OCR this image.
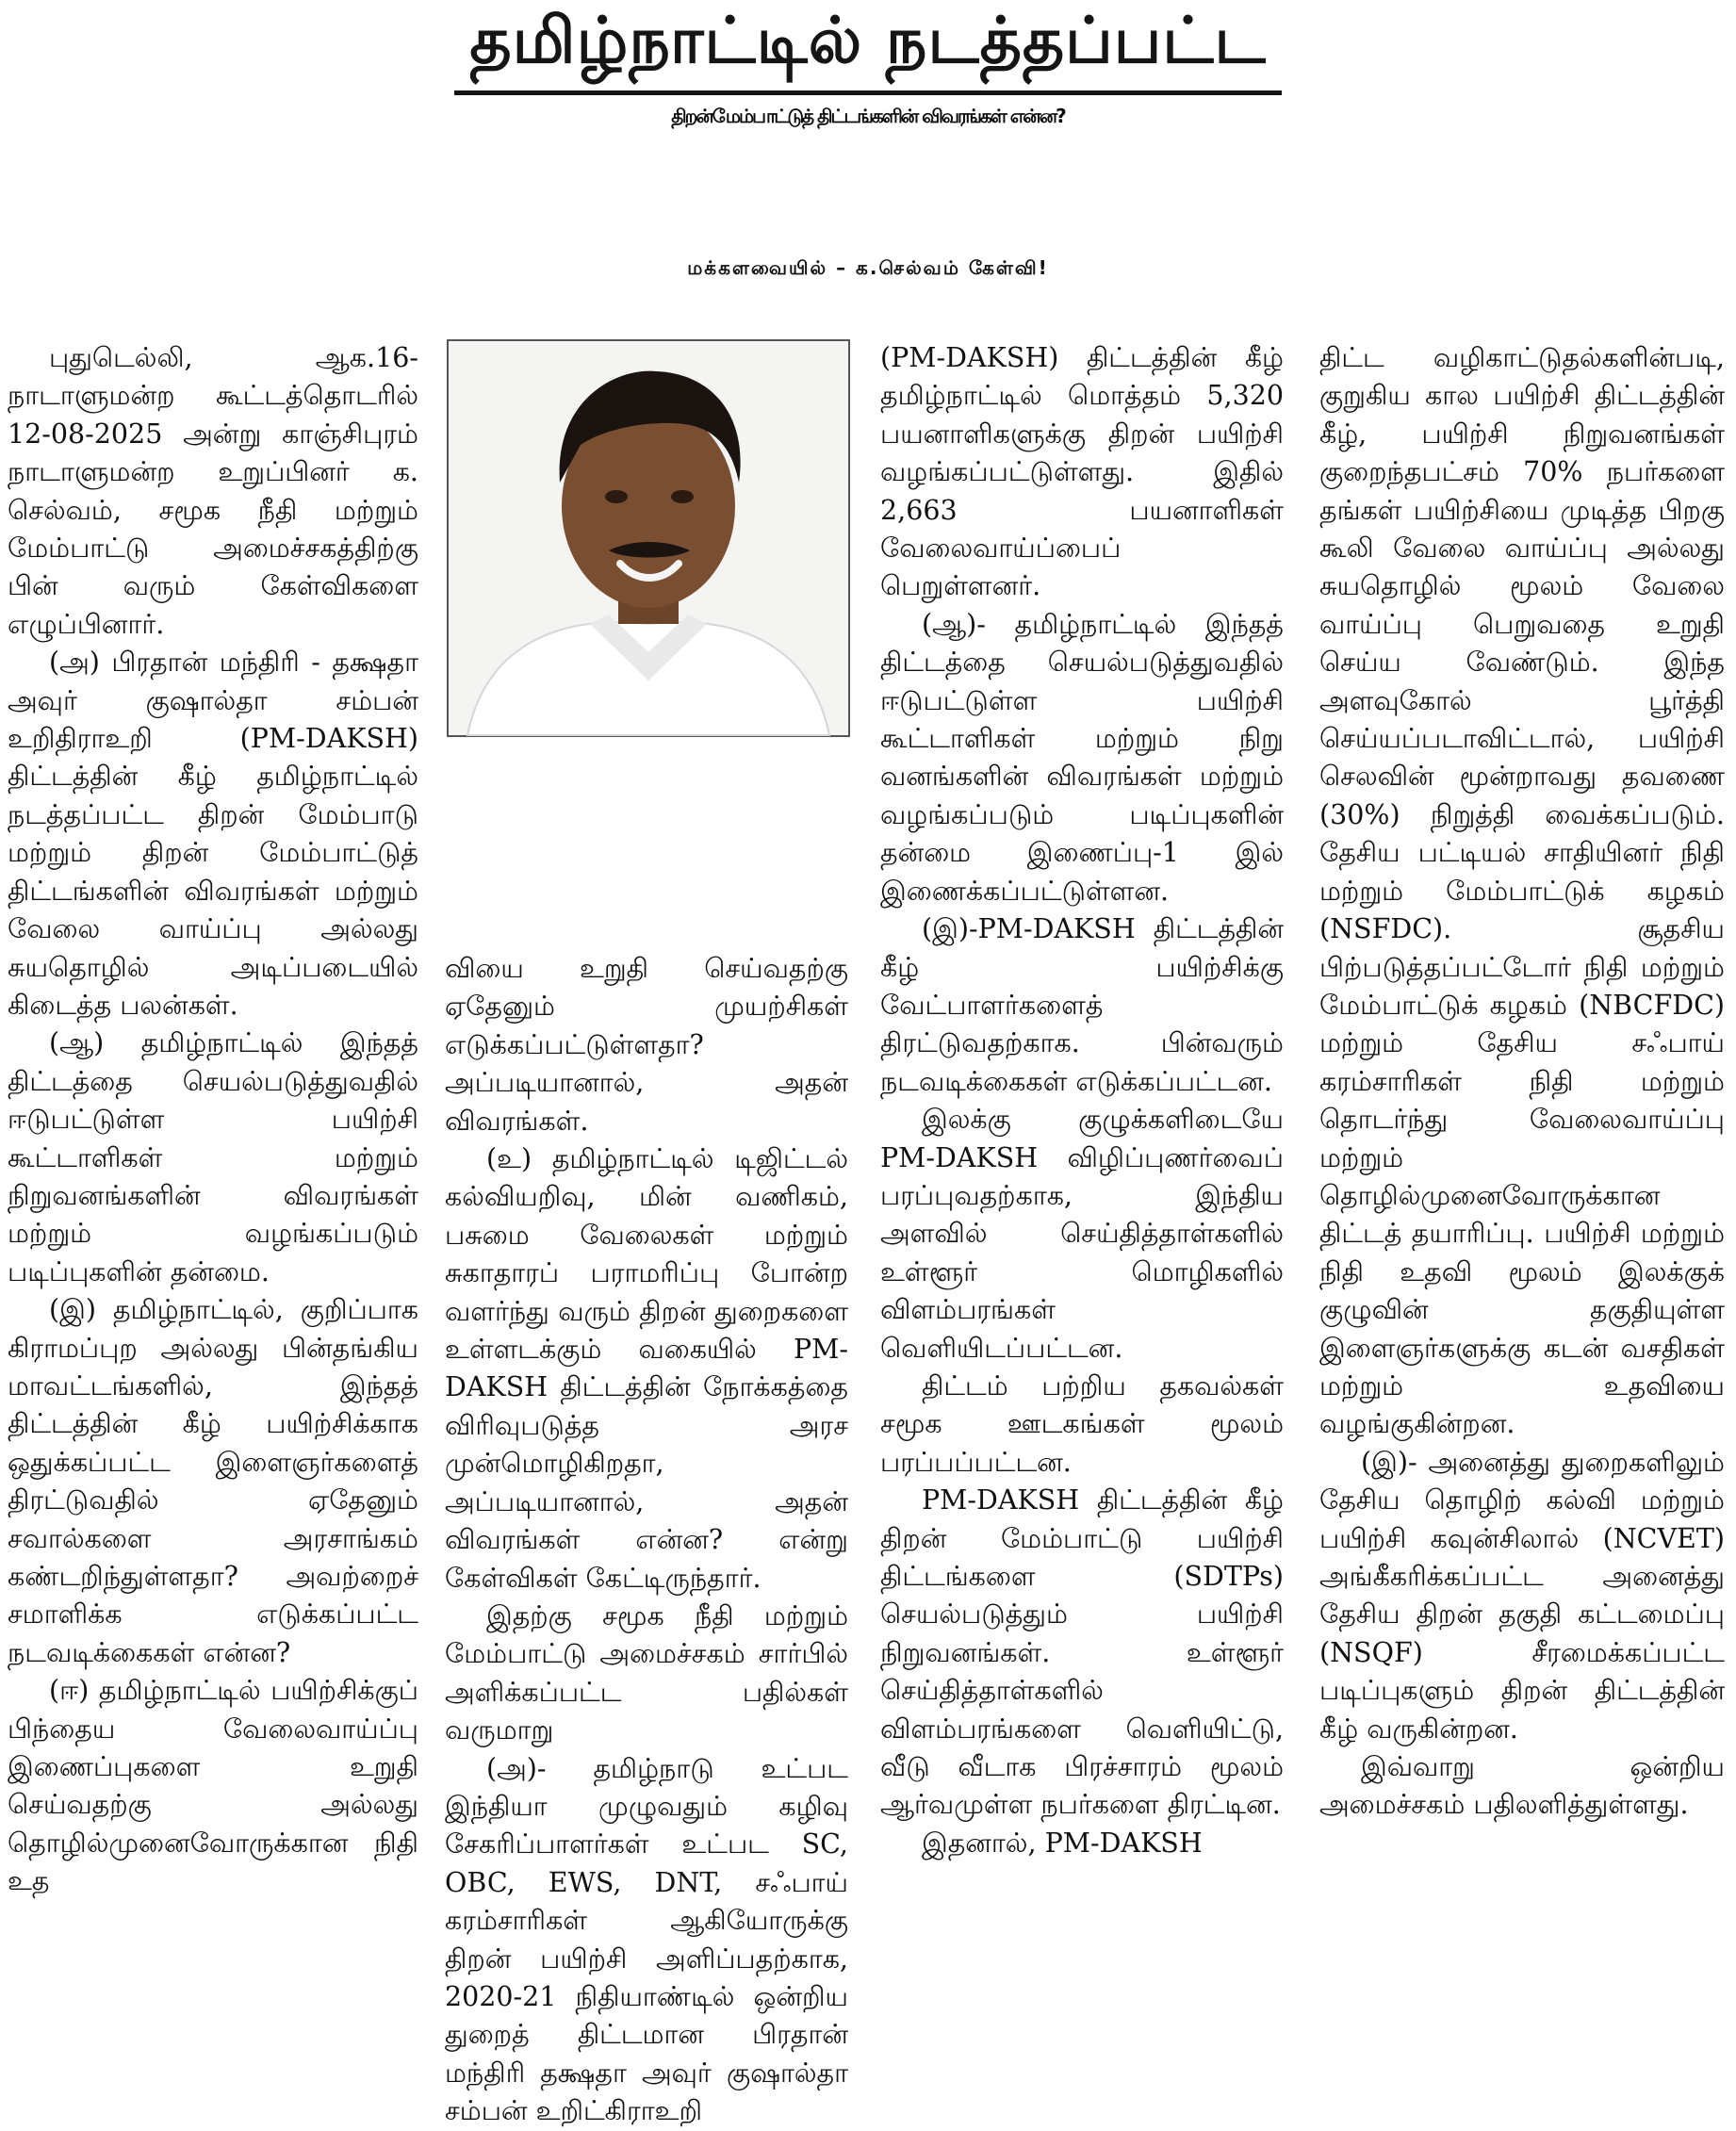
தமிழ்நாட்டில் நடத்தப்பட்ட
திறன்மேம்பாட்டுத் திட்டங்களின் விவரங்கள் என்ன?
மக்களவையில் – க.செல்வம் கேள்வி!

புதுடெல்லி, ஆக.16- நாடாளுமன்ற கூட்டத்தொடரில் 12-08-2025 அன்று காஞ்சிபுரம் நாடாளுமன்ற உறுப்பினர் க. செல்வம், சமூக நீதி மற்றும் மேம்பாட்டு அமைச்சகத்திற்கு பின் வரும் கேள்விகளை எழுப்பினார்.

(அ) பிரதான் மந்திரி - தக்ஷதா அவுர் குஷால்தா சம்பன் உறிதிராஉறி (PM-DAKSH) திட்டத்தின் கீழ் தமிழ்நாட்டில் நடத்தப்பட்ட திறன் மேம்பாடு மற்றும் திறன் மேம்பாட்டுத் திட்டங்களின் விவரங்கள் மற்றும் வேலை வாய்ப்பு அல்லது சுயதொழில் அடிப்படையில் கிடைத்த பலன்கள்.

(ஆ) தமிழ்நாட்டில் இந்தத் திட்டத்தை செயல்படுத்துவதில் ஈடுபட்டுள்ள பயிற்சி கூட்டாளிகள் மற்றும் நிறுவனங்களின் விவரங்கள் மற்றும் வழங்கப்படும் படிப்புகளின் தன்மை.

(இ) தமிழ்நாட்டில், குறிப்பாக கிராமப்புற அல்லது பின்தங்கிய மாவட்டங்களில், இந்தத் திட்டத்தின் கீழ் பயிற்சிக்காக ஒதுக்கப்பட்ட இளைஞர்களைத் திரட்டுவதில் ஏதேனும் சவால்களை அரசாங்கம் கண்டறிந்துள்ளதா? அவற்றைச் சமாளிக்க எடுக்கப்பட்ட நடவடிக்கைகள் என்ன?

(ஈ) தமிழ்நாட்டில் பயிற்சிக்குப் பிந்தைய வேலைவாய்ப்பு இணைப்புகளை உறுதி செய்வதற்கு அல்லது தொழில்முனைவோருக்கான நிதி உத

வியை உறுதி செய்வதற்கு ஏதேனும் முயற்சிகள் எடுக்கப்பட்டுள்ளதா? அப்படியானால், அதன் விவரங்கள்.

(உ) தமிழ்நாட்டில் டிஜிட்டல் கல்வியறிவு, மின் வணிகம், பசுமை வேலைகள் மற்றும் சுகாதாரப் பராமரிப்பு போன்ற வளர்ந்து வரும் திறன் துறைகளை உள்ளடக்கும் வகையில் PM-DAKSH திட்டத்தின் நோக்கத்தை விரிவுபடுத்த அரச முன்மொழிகிறதா, அப்படியானால், அதன் விவரங்கள் என்ன? என்று கேள்விகள் கேட்டிருந்தார்.

இதற்கு சமூக நீதி மற்றும் மேம்பாட்டு அமைச்சகம் சார்பில் அளிக்கப்பட்ட பதில்கள் வருமாறு

(அ)- தமிழ்நாடு உட்பட இந்தியா முழுவதும் கழிவு சேகரிப்பாளர்கள் உட்பட SC, OBC, EWS, DNT, சஃபாய் கரம்சாரிகள் ஆகியோருக்கு திறன் பயிற்சி அளிப்பதற்காக, 2020-21 நிதியாண்டில் ஒன்றிய துறைத் திட்டமான பிரதான் மந்திரி தக்ஷதா அவுர் குஷால்தா சம்பன் உறிட்கிராஉறி

(PM-DAKSH) திட்டத்தின் கீழ் தமிழ்நாட்டில் மொத்தம் 5,320 பயனாளிகளுக்கு திறன் பயிற்சி வழங்கப்பட்டுள்ளது. இதில் 2,663 பயனாளிகள் வேலைவாய்ப்பைப் பெறுள்ளனர்.

(ஆ)- தமிழ்நாட்டில் இந்தத் திட்டத்தை செயல்படுத்துவதில் ஈடுபட்டுள்ள பயிற்சி கூட்டாளிகள் மற்றும் நிறு வனங்களின் விவரங்கள் மற்றும் வழங்கப்படும் படிப்புகளின் தன்மை இணைப்பு-1 இல் இணைக்கப்பட்டுள்ளன.

(இ)-PM-DAKSH திட்டத்தின் கீழ் பயிற்சிக்கு வேட்பாளர்களைத் திரட்டுவதற்காக. பின்வரும் நடவடிக்கைகள் எடுக்கப்பட்டன.

இலக்கு குழுக்களிடையே PM-DAKSH விழிப்புணர்வைப் பரப்புவதற்காக, இந்திய அளவில் செய்தித்தாள்களில் உள்ளூர் மொழிகளில் விளம்பரங்கள் வெளியிடப்பட்டன.

திட்டம் பற்றிய தகவல்கள் சமூக ஊடகங்கள் மூலம் பரப்பப்பட்டன.

PM-DAKSH திட்டத்தின் கீழ் திறன் மேம்பாட்டு பயிற்சி திட்டங்களை (SDTPs) செயல்படுத்தும் பயிற்சி நிறுவனங்கள். உள்ளூர் செய்தித்தாள்களில் விளம்பரங்களை வெளியிட்டு, வீடு வீடாக பிரச்சாரம் மூலம் ஆர்வமுள்ள நபர்களை திரட்டின.

இதனால், PM-DAKSH

திட்ட வழிகாட்டுதல்களின்படி, குறுகிய கால பயிற்சி திட்டத்தின் கீழ், பயிற்சி நிறுவனங்கள் குறைந்தபட்சம் 70% நபர்களை தங்கள் பயிற்சியை முடித்த பிறகு கூலி வேலை வாய்ப்பு அல்லது சுயதொழில் மூலம் வேலை வாய்ப்பு பெறுவதை உறுதி செய்ய வேண்டும். இந்த அளவுகோல் பூர்த்தி செய்யப்படாவிட்டால், பயிற்சி செலவின் மூன்றாவது தவணை (30%) நிறுத்தி வைக்கப்படும். தேசிய பட்டியல் சாதியினர் நிதி மற்றும் மேம்பாட்டுக் கழகம் (NSFDC). சூதசிய பிற்படுத்தப்பட்டோர் நிதி மற்றும் மேம்பாட்டுக் கழகம் (NBCFDC) மற்றும் தேசிய சஃபாய் கரம்சாரிகள் நிதி மற்றும் தொடர்ந்து வேலைவாய்ப்பு மற்றும் தொழில்முனைவோருக்கான திட்டத் தயாரிப்பு. பயிற்சி மற்றும் நிதி உதவி மூலம் இலக்குக் குழுவின் தகுதியுள்ள இளைஞர்களுக்கு கடன் வசதிகள் மற்றும் உதவியை வழங்குகின்றன.

(இ)- அனைத்து துறைகளிலும் தேசிய தொழிற் கல்வி மற்றும் பயிற்சி கவுன்சிலால் (NCVET) அங்கீகரிக்கப்பட்ட அனைத்து தேசிய திறன் தகுதி கட்டமைப்பு (NSQF) சீரமைக்கப்பட்ட படிப்புகளும் திறன் திட்டத்தின் கீழ் வருகின்றன.

இவ்வாறு ஒன்றிய அமைச்சகம் பதிலளித்துள்ளது.
